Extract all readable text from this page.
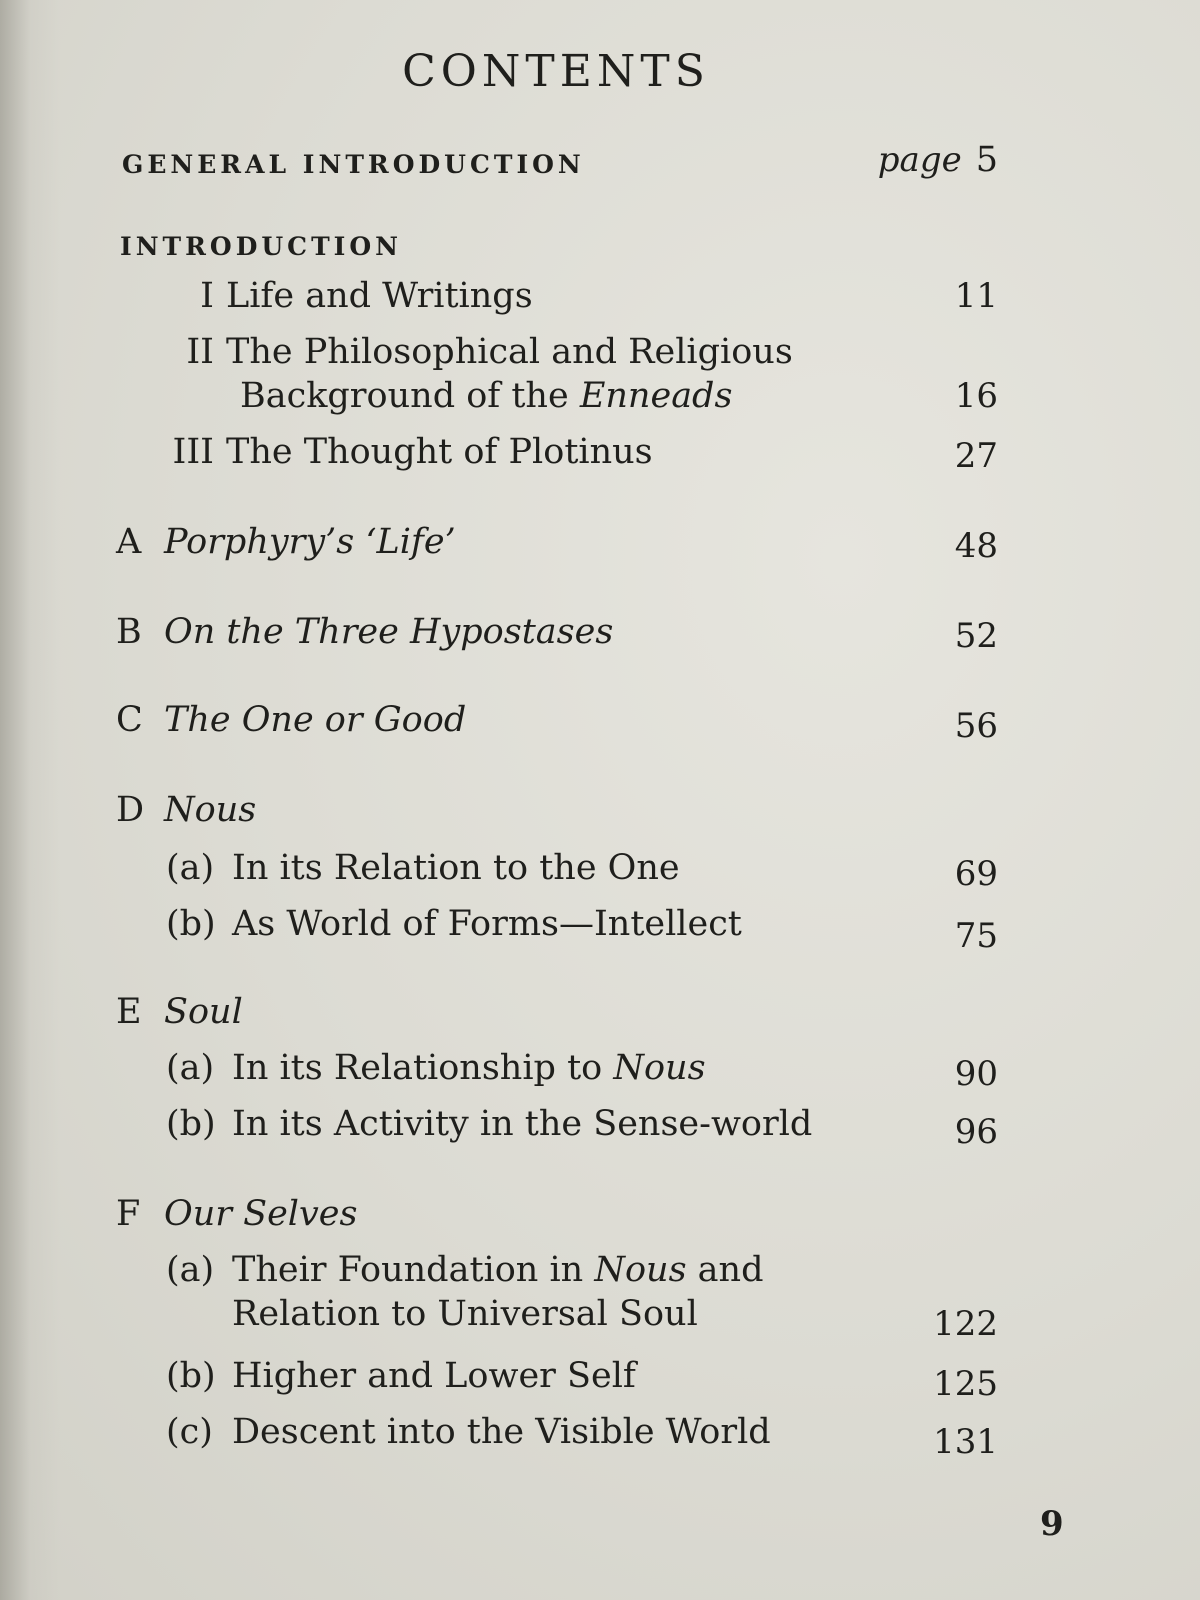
CONTENTS
GENERAL INTRODUCTION	page 5
INTRODUCTION
I Life and Writings	11
II The Philosophical and Religious
Background of the Enneads	16
III The Thought of Plotinus	27
A Porphyry’s ‘Life’	48
B On the Three Hypostases	52
C The One or Good	56
D Nous
(a) In its Relation to the One	69
(b) As World of Forms—Intellect	75
E Soul
(a) In its Relationship to Nous	90
(b) In its Activity in the Sense-world	96
F Our Selves
(a) Their Foundation in Nous and
Relation to Universal Soul	122
(b) Higher and Lower Self	125
(c) Descent into the Visible World	131
9
